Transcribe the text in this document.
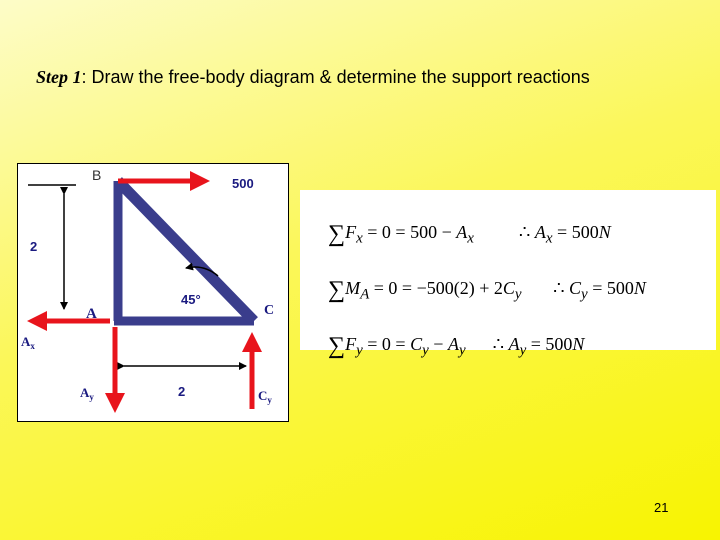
Step 1: Draw the free-body diagram & determine the support reactions
B
500
2
45°
A	C
$A_x$
$A_y$	2	$C_y$

$\sum F_x = 0 = 500 - A_x$	∴ $A_x = 500N$

$\sum M_A = 0 = -500(2) + 2C_y$ ∴ $C_y = 500N$

$\sum F_y = 0 = C_y - A_y$ ∴ $A_y = 500N$

21
